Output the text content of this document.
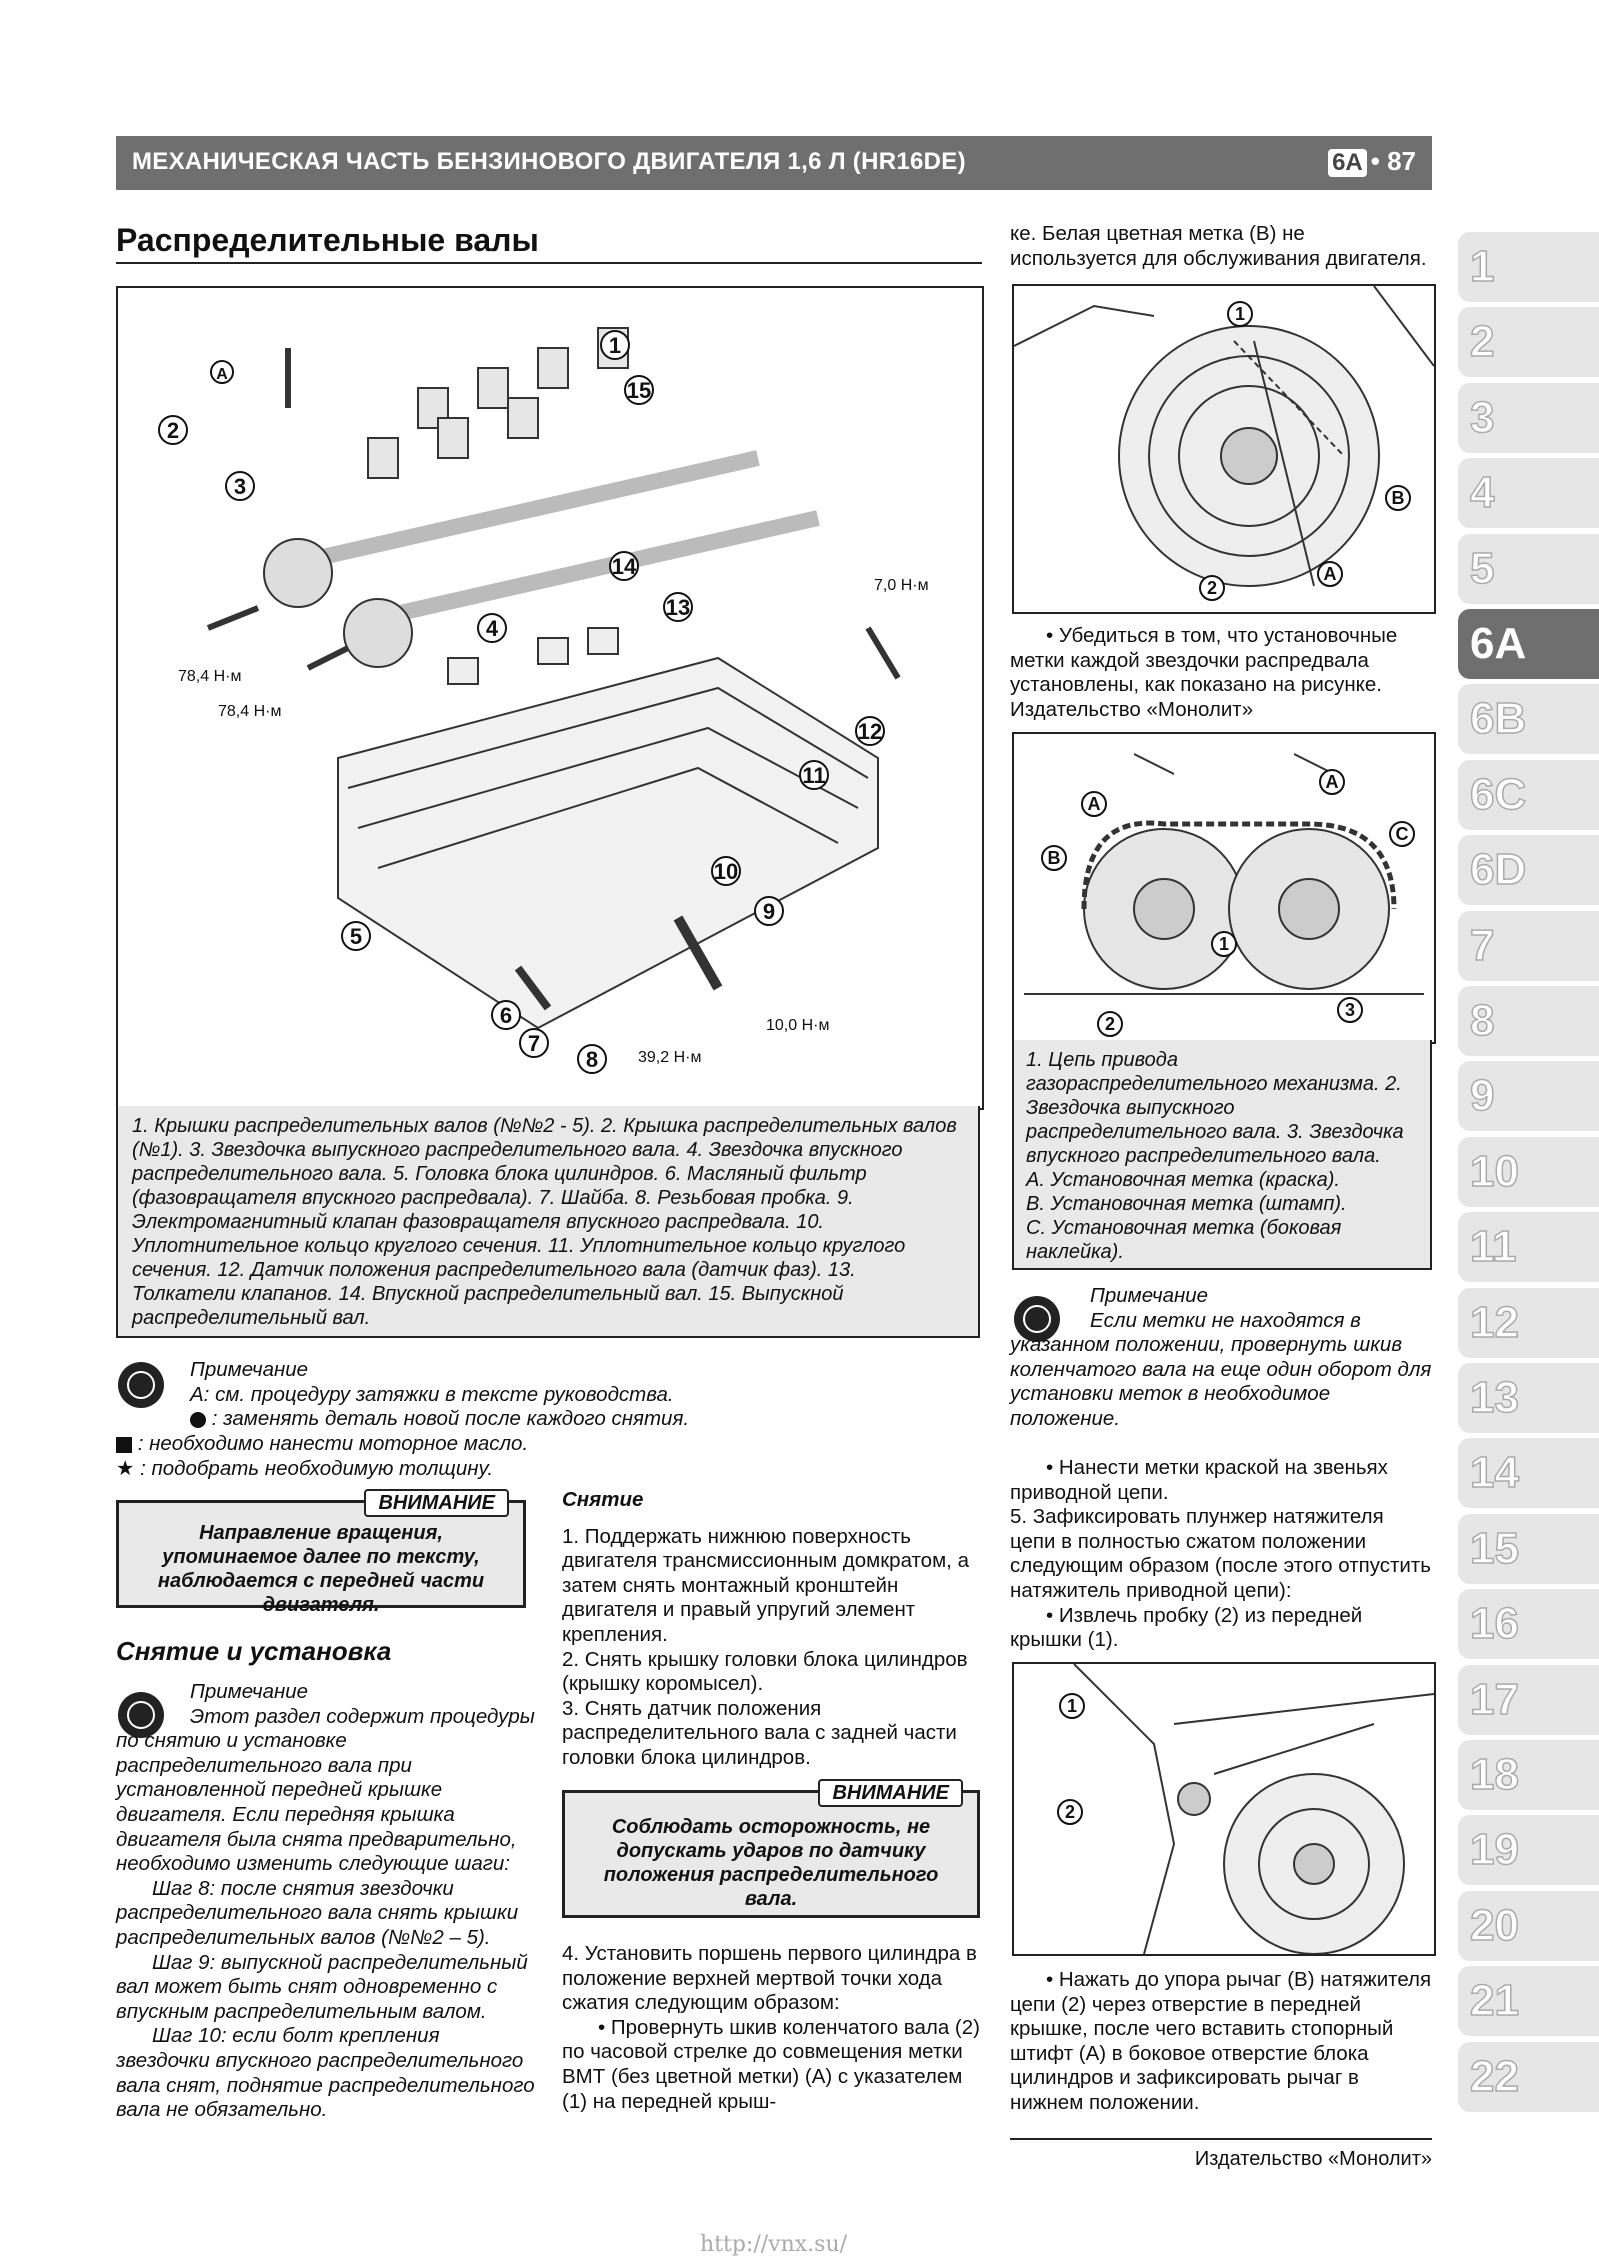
МЕХАНИЧЕСКАЯ ЧАСТЬ БЕНЗИНОВОГО ДВИГАТЕЛЯ 1,6 Л (HR16DE)	6A • 87
Распределительные валы
1
2
3
4
5
6
7
8
9
10
11
12
13
14
15
A
7,0 Н·м
78,4 Н·м
78,4 Н·м
10,0 Н·м
39,2 Н·м
1. Крышки распределительных валов (№№2 - 5). 2. Крышка распределительных валов (№1). 3. Звездочка выпускного распределительного вала. 4. Звездочка впускного распределительного вала. 5. Головка блока цилиндров. 6. Масляный фильтр (фазовращателя впускного распредвала). 7. Шайба. 8. Резьбовая пробка. 9. Электромагнитный клапан фазовращателя впускного распредвала. 10. Уплотнительное кольцо круглого сечения. 11. Уплотнительное кольцо круглого сечения. 12. Датчик положения распределительного вала (датчик фаз). 13. Толкатели клапанов. 14. Впускной распределительный вал. 15. Выпускной распределительный вал.
Примечание
A: см. процедуру затяжки в тексте руководства.
: заменять деталь новой после каждого снятия.
: необходимо нанести моторное масло.
★ : подобрать необходимую толщину.
ВНИМАНИЕ
Направление вращения, упоминаемое далее по тексту, наблюдается с передней части двигателя.
Снятие и установка
Примечание
Этот раздел содержит процедуры по снятию и установке распределительного вала при установленной передней крышке двигателя. Если передняя крышка двигателя была снята предварительно, необходимо изменить следующие шаги:
Шаг 8: после снятия звездочки распределительного вала снять крышки распределительных валов (№№2 – 5).
Шаг 9: выпускной распределительный вал может быть снят одновременно с впускным распределительным валом.
Шаг 10: если болт крепления звездочки впускного распределительного вала снят, поднятие распределительного вала не обязательно.
Снятие
1. Поддержать нижнюю поверхность двигателя трансмиссионным домкратом, а затем снять монтажный кронштейн двигателя и правый упругий элемент крепления.
2. Снять крышку головки блока цилиндров (крышку коромысел).
3. Снять датчик положения распределительного вала с задней части головки блока цилиндров.
ВНИМАНИЕ
Соблюдать осторожность, не допускать ударов по датчику положения распределительного вала.
4. Установить поршень первого цилиндра в положение верхней мертвой точки хода сжатия следующим образом:
• Провернуть шкив коленчатого вала (2) по часовой стрелке до совмещения метки ВМТ (без цветной метки) (A) с указателем (1) на передней крыш-
ке. Белая цветная метка (B) не используется для обслуживания двигателя.
1
B
A
2
• Убедиться в том, что установочные метки каждой звездочки распредвала установлены, как показано на рисунке. Издательство «Монолит»
A
A
B
C
1
2
3
1. Цепь привода газораспределительного механизма. 2. Звездочка выпускного распределительного вала. 3. Звездочка впускного распределительного вала.
A. Установочная метка (краска).
B. Установочная метка (штамп).
C. Установочная метка (боковая наклейка).
Примечание
Если метки не находятся в указанном положении, провернуть шкив коленчатого вала на еще один оборот для установки меток в необходимое положение.
• Нанести метки краской на звеньях приводной цепи.
5. Зафиксировать плунжер натяжителя цепи в полностью сжатом положении следующим образом (после этого отпустить натяжитель приводной цепи):
• Извлечь пробку (2) из передней крышки (1).
1
2
• Нажать до упора рычаг (B) натяжителя цепи (2) через отверстие в передней крышке, после чего вставить стопорный штифт (A) в боковое отверстие блока цилиндров и зафиксировать рычаг в нижнем положении.
1
2
3
4
5
6A
6B
6C
6D
7
8
9
10
11
12
13
14
15
16
17
18
19
20
21
22
Издательство «Монолит»
http://vnx.su/
